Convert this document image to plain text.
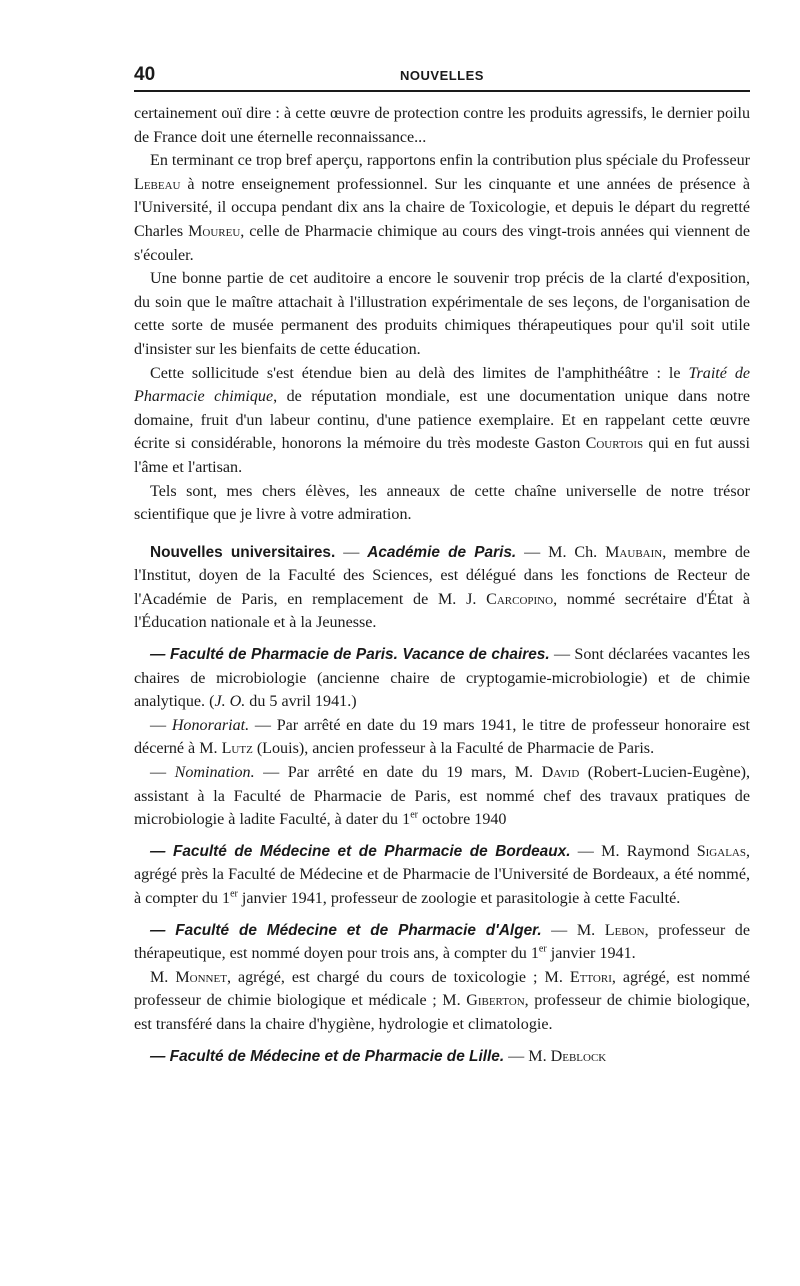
40	NOUVELLES

certainement ouï dire : à cette œuvre de protection contre les produits agressifs, le dernier poilu de France doit une éternelle reconnaissance...

En terminant ce trop bref aperçu, rapportons enfin la contribution plus spéciale du Professeur Lebeau à notre enseignement professionnel. Sur les cinquante et une années de présence à l'Université, il occupa pendant dix ans la chaire de Toxicologie, et depuis le départ du regretté Charles Moureu, celle de Pharmacie chimique au cours des vingt-trois années qui viennent de s'écouler.

Une bonne partie de cet auditoire a encore le souvenir trop précis de la clarté d'exposition, du soin que le maître attachait à l'illustration expérimentale de ses leçons, de l'organisation de cette sorte de musée permanent des produits chimiques thérapeutiques pour qu'il soit utile d'insister sur les bienfaits de cette éducation.

Cette sollicitude s'est étendue bien au delà des limites de l'amphithéâtre : le Traité de Pharmacie chimique, de réputation mondiale, est une documentation unique dans notre domaine, fruit d'un labeur continu, d'une patience exemplaire. Et en rappelant cette œuvre écrite si considérable, honorons la mémoire du très modeste Gaston Courtois qui en fut aussi l'âme et l'artisan.

Tels sont, mes chers élèves, les anneaux de cette chaîne universelle de notre trésor scientifique que je livre à votre admiration.

Nouvelles universitaires. — Académie de Paris. — M. Ch. Maubain, membre de l'Institut, doyen de la Faculté des Sciences, est délégué dans les fonctions de Recteur de l'Académie de Paris, en remplacement de M. J. Carcopino, nommé secrétaire d'État à l'Éducation nationale et à la Jeunesse.

— Faculté de Pharmacie de Paris. Vacance de chaires. — Sont déclarées vacantes les chaires de microbiologie (ancienne chaire de cryptogamie-microbiologie) et de chimie analytique. (J. O. du 5 avril 1941.)

— Honorariat. — Par arrêté en date du 19 mars 1941, le titre de professeur honoraire est décerné à M. Lutz (Louis), ancien professeur à la Faculté de Pharmacie de Paris.

— Nomination. — Par arrêté en date du 19 mars, M. David (Robert-Lucien-Eugène), assistant à la Faculté de Pharmacie de Paris, est nommé chef des travaux pratiques de microbiologie à ladite Faculté, à dater du 1er octobre 1940

— Faculté de Médecine et de Pharmacie de Bordeaux. — M. Raymond Sigalas, agrégé près la Faculté de Médecine et de Pharmacie de l'Université de Bordeaux, a été nommé, à compter du 1er janvier 1941, professeur de zoologie et parasitologie à cette Faculté.

— Faculté de Médecine et de Pharmacie d'Alger. — M. Lebon, professeur de thérapeutique, est nommé doyen pour trois ans, à compter du 1er janvier 1941.

M. Monnet, agrégé, est chargé du cours de toxicologie ; M. Ettori, agrégé, est nommé professeur de chimie biologique et médicale ; M. Giberton, professeur de chimie biologique, est transféré dans la chaire d'hygiène, hydrologie et climatologie.

— Faculté de Médecine et de Pharmacie de Lille. — M. Deblock
